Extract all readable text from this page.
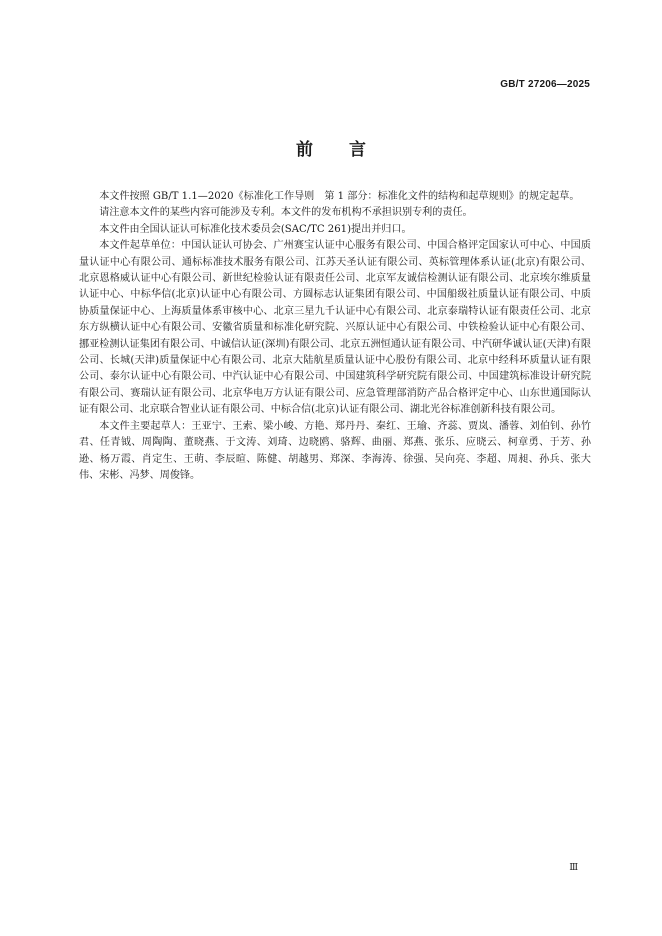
GB/T 27206—2025
前言

本文件按照 GB/T 1.1—2020《标准化工作导则　第 1 部分：标准化文件的结构和起草规则》的规定起草。

请注意本文件的某些内容可能涉及专利。本文件的发布机构不承担识别专利的责任。

本文件由全国认证认可标准化技术委员会(SAC/TC 261)提出并归口。

本文件起草单位：中国认证认可协会、广州赛宝认证中心服务有限公司、中国合格评定国家认可中心、中国质量认证中心有限公司、通标标准技术服务有限公司、江苏天圣认证有限公司、英标管理体系认证(北京)有限公司、北京恩格威认证中心有限公司、新世纪检验认证有限责任公司、北京军友诚信检测认证有限公司、北京埃尔维质量认证中心、中标华信(北京)认证中心有限公司、方圆标志认证集团有限公司、中国船级社质量认证有限公司、中质协质量保证中心、上海质量体系审核中心、北京三星九千认证中心有限公司、北京泰瑞特认证有限责任公司、北京东方纵横认证中心有限公司、安徽省质量和标准化研究院、兴原认证中心有限公司、中铁检验认证中心有限公司、挪亚检测认证集团有限公司、中诚信认证(深圳)有限公司、北京五洲恒通认证有限公司、中汽研华诚认证(天津)有限公司、长城(天津)质量保证中心有限公司、北京大陆航星质量认证中心股份有限公司、北京中经科环质量认证有限公司、泰尔认证中心有限公司、中汽认证中心有限公司、中国建筑科学研究院有限公司、中国建筑标准设计研究院有限公司、赛瑞认证有限公司、北京华电万方认证有限公司、应急管理部消防产品合格评定中心、山东世通国际认证有限公司、北京联合智业认证有限公司、中标合信(北京)认证有限公司、湖北光谷标准创新科技有限公司。

本文件主要起草人：王亚宁、王索、梁小峻、方艳、郑丹丹、秦红、王瑜、齐蕊、贾岚、潘蓉、刘伯钊、孙竹君、任青钺、周陶陶、董晓燕、于文涛、刘琦、边晓鸥、骆辉、曲丽、郑燕、张乐、应晓云、柯章勇、于芳、孙逊、杨万霞、肖定生、王萌、李辰暄、陈健、胡越男、郑深、李海涛、徐强、吴向亮、李超、周昶、孙兵、张大伟、宋彬、冯梦、周俊锋。

Ⅲ
